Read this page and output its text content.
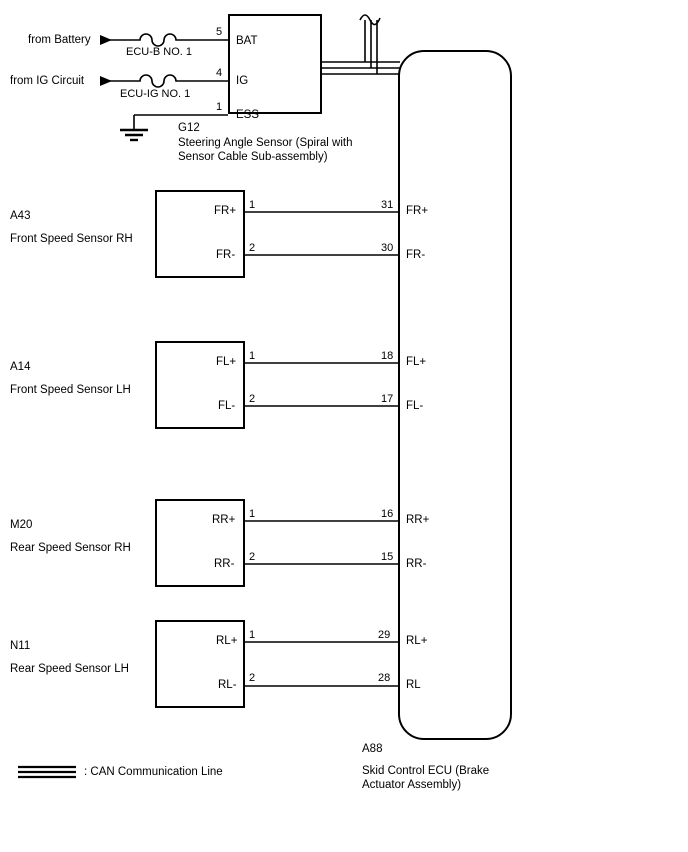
from Battery
from IG Circuit
ECU-B NO. 1
ECU-IG NO. 1
5
4
1
BAT
IG
ESS
G12
Steering Angle Sensor (Spiral with
Sensor Cable Sub-assembly)
A88
Skid Control ECU (Brake
Actuator Assembly)
A43
Front Speed Sensor RH
FR+
FR-
1
2
31
30
FR+
FR-
A14
Front Speed Sensor LH
FL+
FL-
1
2
18
17
FL+
FL-
M20
Rear Speed Sensor RH
RR+
RR-
1
2
16
15
RR+
RR-
N11
Rear Speed Sensor LH
RL+
RL-
1
2
29
28
RL+
RL
: CAN Communication Line
